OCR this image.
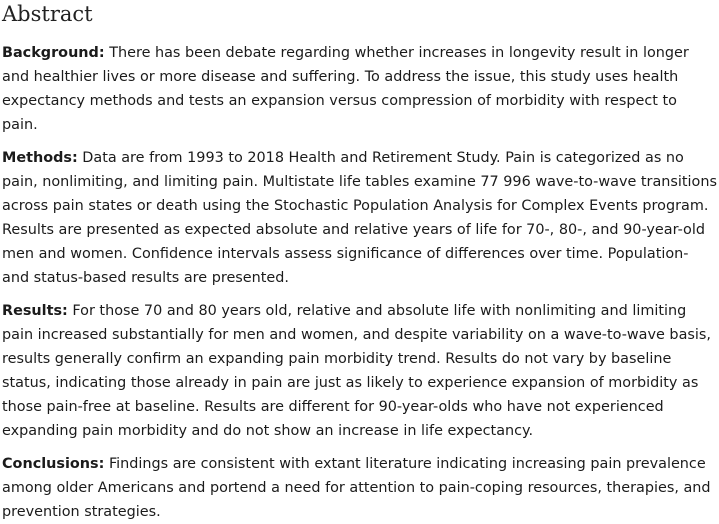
Abstract

Background: There has been debate regarding whether increases in longevity result in longer and healthier lives or more disease and suffering. To address the issue, this study uses health expectancy methods and tests an expansion versus compression of morbidity with respect to pain.

Methods: Data are from 1993 to 2018 Health and Retirement Study. Pain is categorized as no pain, nonlimiting, and limiting pain. Multistate life tables examine 77 996 wave-to-wave transitions across pain states or death using the Stochastic Population Analysis for Complex Events program. Results are presented as expected absolute and relative years of life for 70-, 80-, and 90-year-old men and women. Confidence intervals assess significance of differences over time. Population- and status-based results are presented.

Results: For those 70 and 80 years old, relative and absolute life with nonlimiting and limiting pain increased substantially for men and women, and despite variability on a wave-to-wave basis, results generally confirm an expanding pain morbidity trend. Results do not vary by baseline status, indicating those already in pain are just as likely to experience expansion of morbidity as those pain-free at baseline. Results are different for 90-year-olds who have not experienced expanding pain morbidity and do not show an increase in life expectancy.

Conclusions: Findings are consistent with extant literature indicating increasing pain prevalence among older Americans and portend a need for attention to pain-coping resources, therapies, and prevention strategies.
